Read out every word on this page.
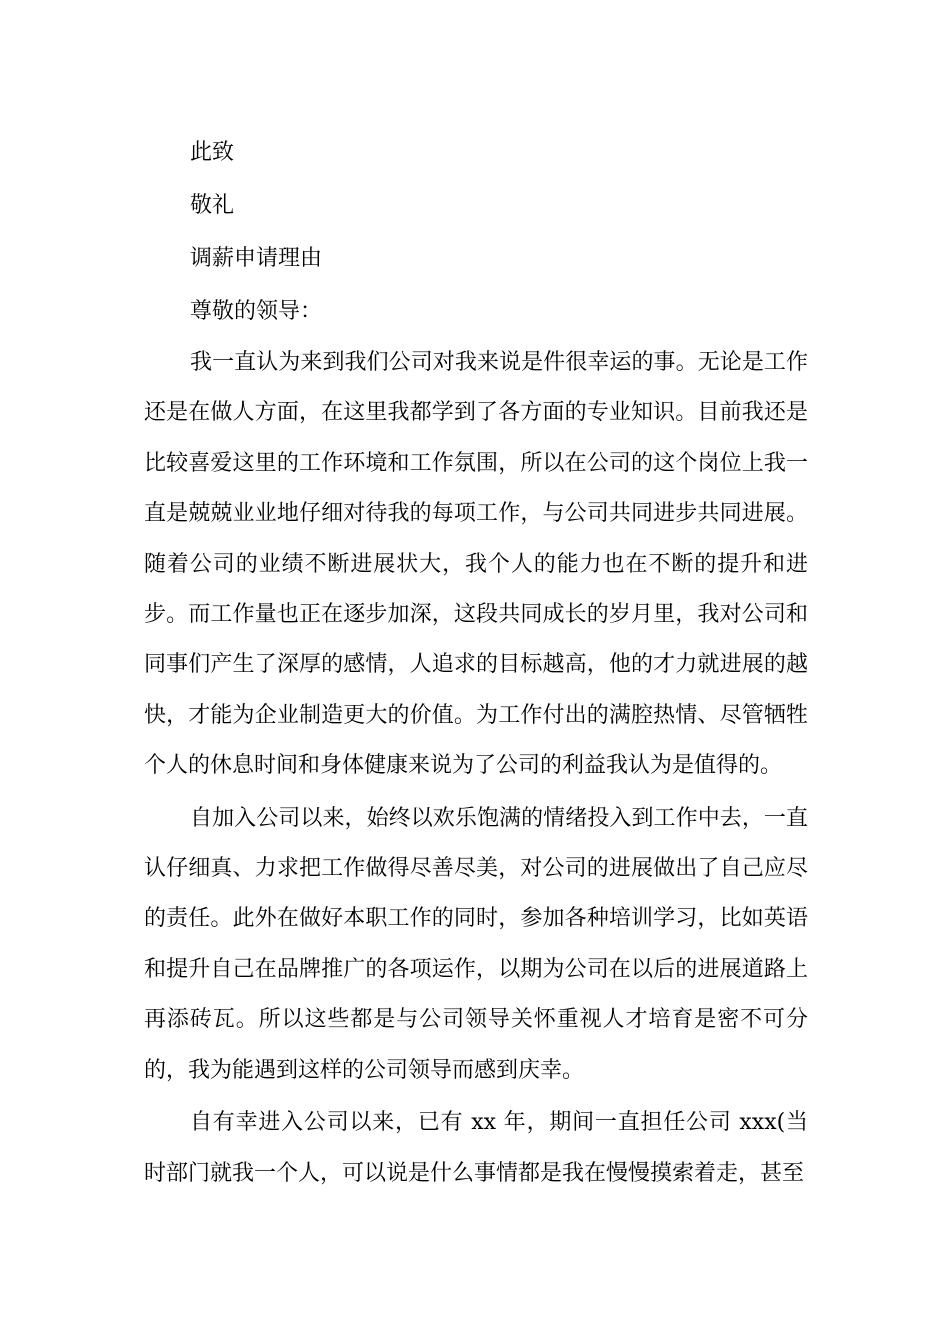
此致

敬礼

调薪申请理由

尊敬的领导：

我一直认为来到我们公司对我来说是件很幸运的事。无论是工作还是在做人方面，在这里我都学到了各方面的专业知识。目前我还是比较喜爱这里的工作环境和工作氛围，所以在公司的这个岗位上我一直是兢兢业业地仔细对待我的每项工作，与公司共同进步共同进展。随着公司的业绩不断进展状大，我个人的能力也在不断的提升和进步。而工作量也正在逐步加深，这段共同成长的岁月里，我对公司和同事们产生了深厚的感情，人追求的目标越高，他的才力就进展的越快，才能为企业制造更大的价值。为工作付出的满腔热情、尽管牺牲个人的休息时间和身体健康来说为了公司的利益我认为是值得的。

自加入公司以来，始终以欢乐饱满的情绪投入到工作中去，一直认仔细真、力求把工作做得尽善尽美，对公司的进展做出了自己应尽的责任。此外在做好本职工作的同时，参加各种培训学习，比如英语和提升自己在品牌推广的各项运作，以期为公司在以后的进展道路上再添砖瓦。所以这些都是与公司领导关怀重视人才培育是密不可分的，我为能遇到这样的公司领导而感到庆幸。

自有幸进入公司以来，已有 xx 年，期间一直担任公司 xxx(当时部门就我一个人，可以说是什么事情都是我在慢慢摸索着走，甚至
